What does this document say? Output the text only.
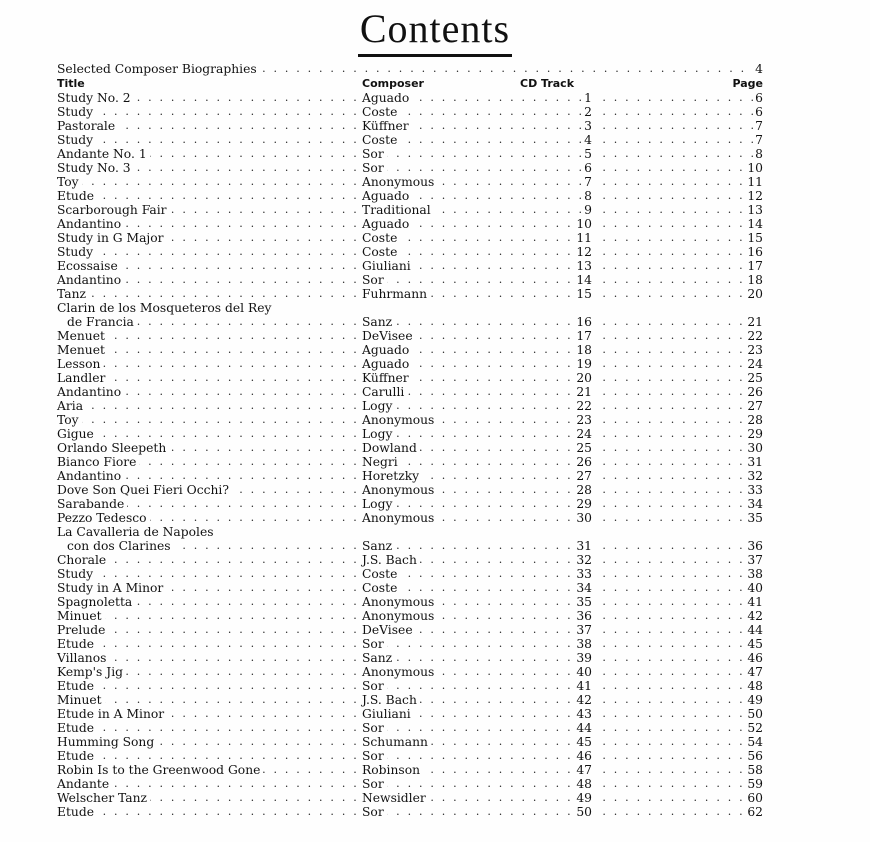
Contents
. . .
Selected Composer Biographies	4
Title	Composer	CD Track	Page
. . .
. . .
. . .
Study No. 2	Aguado	1	6
. . .
. . .
. . .
Study	Coste	2	6
. . .
. . .
. . .
Pastorale	Küffner	3	7
. . .
. . .
. . .
Study	Coste	4	7
. . .
. . .
. . .
Andante No. 1	Sor	5	8
. . .
. . .
. . .
Study No. 3	Sor	6	10
. . .
. . .
. . .
Toy	Anonymous	7	11
. . .
. . .
. . .
Etude	Aguado	8	12
. . .
. . .
. . .
Scarborough Fair	Traditional	9	13
. . .
. . .
. . .
Andantino	Aguado	10	14
. . .
. . .
. . .
Study in G Major	Coste	11	15
. . .
. . .
. . .
Study	Coste	12	16
. . .
. . .
. . .
Ecossaise	Giuliani	13	17
. . .
. . .
. . .
Andantino	Sor	14	18
. . .
. . .
. . .
Tanz	Fuhrmann	15	20
Clarin de los Mosqueteros del Rey
. . .
. . .
. . .
de Francia	Sanz	16	21
. . .
. . .
. . .
Menuet	DeVisee	17	22
. . .
. . .
. . .
Menuet	Aguado	18	23
. . .
. . .
. . .
Lesson	Aguado	19	24
. . .
. . .
. . .
Landler	Küffner	20	25
. . .
. . .
. . .
Andantino	Carulli	21	26
. . .
. . .
. . .
Aria	Logy	22	27
. . .
. . .
. . .
Toy	Anonymous	23	28
. . .
. . .
. . .
Gigue	Logy	24	29
. . .
. . .
. . .
Orlando Sleepeth	Dowland	25	30
. . .
. . .
. . .
Bianco Fiore	Negri	26	31
. . .
. . .
. . .
Andantino	Horetzky	27	32
. . .
. . .
. . .
Dove Son Quei Fieri Occhi?	Anonymous	28	33
. . .
. . .
. . .
Sarabande	Logy	29	34
. . .
. . .
. . .
Pezzo Tedesco	Anonymous	30	35
La Cavalleria de Napoles
. . .
. . .
. . .
con dos Clarines	Sanz	31	36
. . .
. . .
. . .
Chorale	J.S. Bach	32	37
. . .
. . .
. . .
Study	Coste	33	38
. . .
. . .
. . .
Study in A Minor	Coste	34	40
. . .
. . .
. . .
Spagnoletta	Anonymous	35	41
. . .
. . .
. . .
Minuet	Anonymous	36	42
. . .
. . .
. . .
Prelude	DeVisee	37	44
. . .
. . .
. . .
Etude	Sor	38	45
. . .
. . .
. . .
Villanos	Sanz	39	46
. . .
. . .
. . .
Kemp's Jig	Anonymous	40	47
. . .
. . .
. . .
Etude	Sor	41	48
. . .
. . .
. . .
Minuet	J.S. Bach	42	49
. . .
. . .
. . .
Etude in A Minor	Giuliani	43	50
. . .
. . .
. . .
Etude	Sor	44	52
. . .
. . .
. . .
Humming Song	Schumann	45	54
. . .
. . .
. . .
Etude	Sor	46	56
. . .
. . .
. . .
Robin Is to the Greenwood Gone	Robinson	47	58
. . .
. . .
. . .
Andante	Sor	48	59
. . .
. . .
. . .
Welscher Tanz	Newsidler	49	60
. . .
. . .
. . .
Etude	Sor	50	62
